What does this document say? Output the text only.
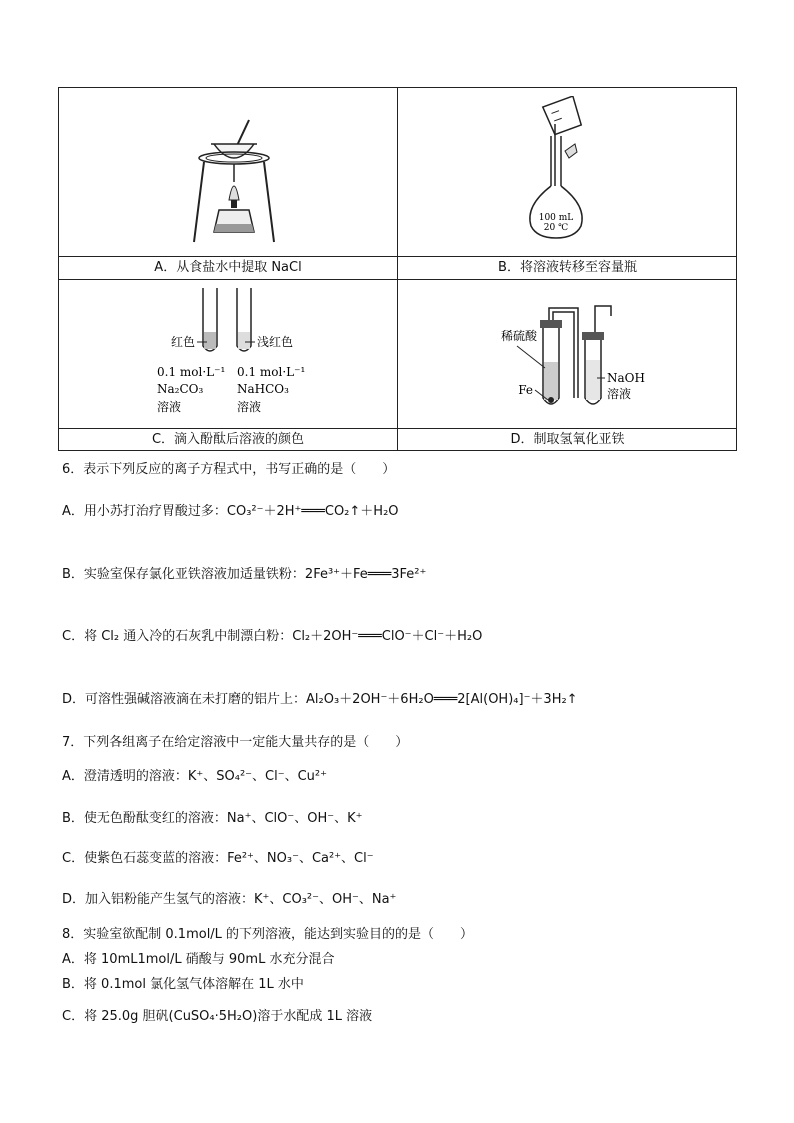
100 mL
20 ℃
红色	浅红色
0.1 mol·L⁻¹ 0.1 mol·L⁻¹
Na₂CO₃	NaHCO₃
溶液	溶液
稀硫酸
Fe
NaOH
溶液
A．从食盐水中提取 NaCl	B．将溶液转移至容量瓶
C．滴入酚酞后溶液的颜色	D．制取氢氧化亚铁
6．表示下列反应的离子方程式中，书写正确的是（　　）
A．用小苏打治疗胃酸过多：CO₃²⁻＋2H⁺═══CO₂↑＋H₂O
B．实验室保存氯化亚铁溶液加适量铁粉：2Fe³⁺＋Fe═══3Fe²⁺
C．将 Cl₂ 通入冷的石灰乳中制漂白粉：Cl₂＋2OH⁻═══ClO⁻＋Cl⁻＋H₂O
D．可溶性强碱溶液滴在未打磨的铝片上：Al₂O₃＋2OH⁻＋6H₂O═══2[Al(OH)₄]⁻＋3H₂↑
7．下列各组离子在给定溶液中一定能大量共存的是（　　）
A．澄清透明的溶液：K⁺、SO₄²⁻、Cl⁻、Cu²⁺
B．使无色酚酞变红的溶液：Na⁺、ClO⁻、OH⁻、K⁺
C．使紫色石蕊变蓝的溶液：Fe²⁺、NO₃⁻、Ca²⁺、Cl⁻
D．加入铝粉能产生氢气的溶液：K⁺、CO₃²⁻、OH⁻、Na⁺
8．实验室欲配制 0.1mol/L 的下列溶液，能达到实验目的的是（　　）
A．将 10mL1mol/L 硝酸与 90mL 水充分混合
B．将 0.1mol 氯化氢气体溶解在 1L 水中
C．将 25.0g 胆矾(CuSO₄·5H₂O)溶于水配成 1L 溶液
